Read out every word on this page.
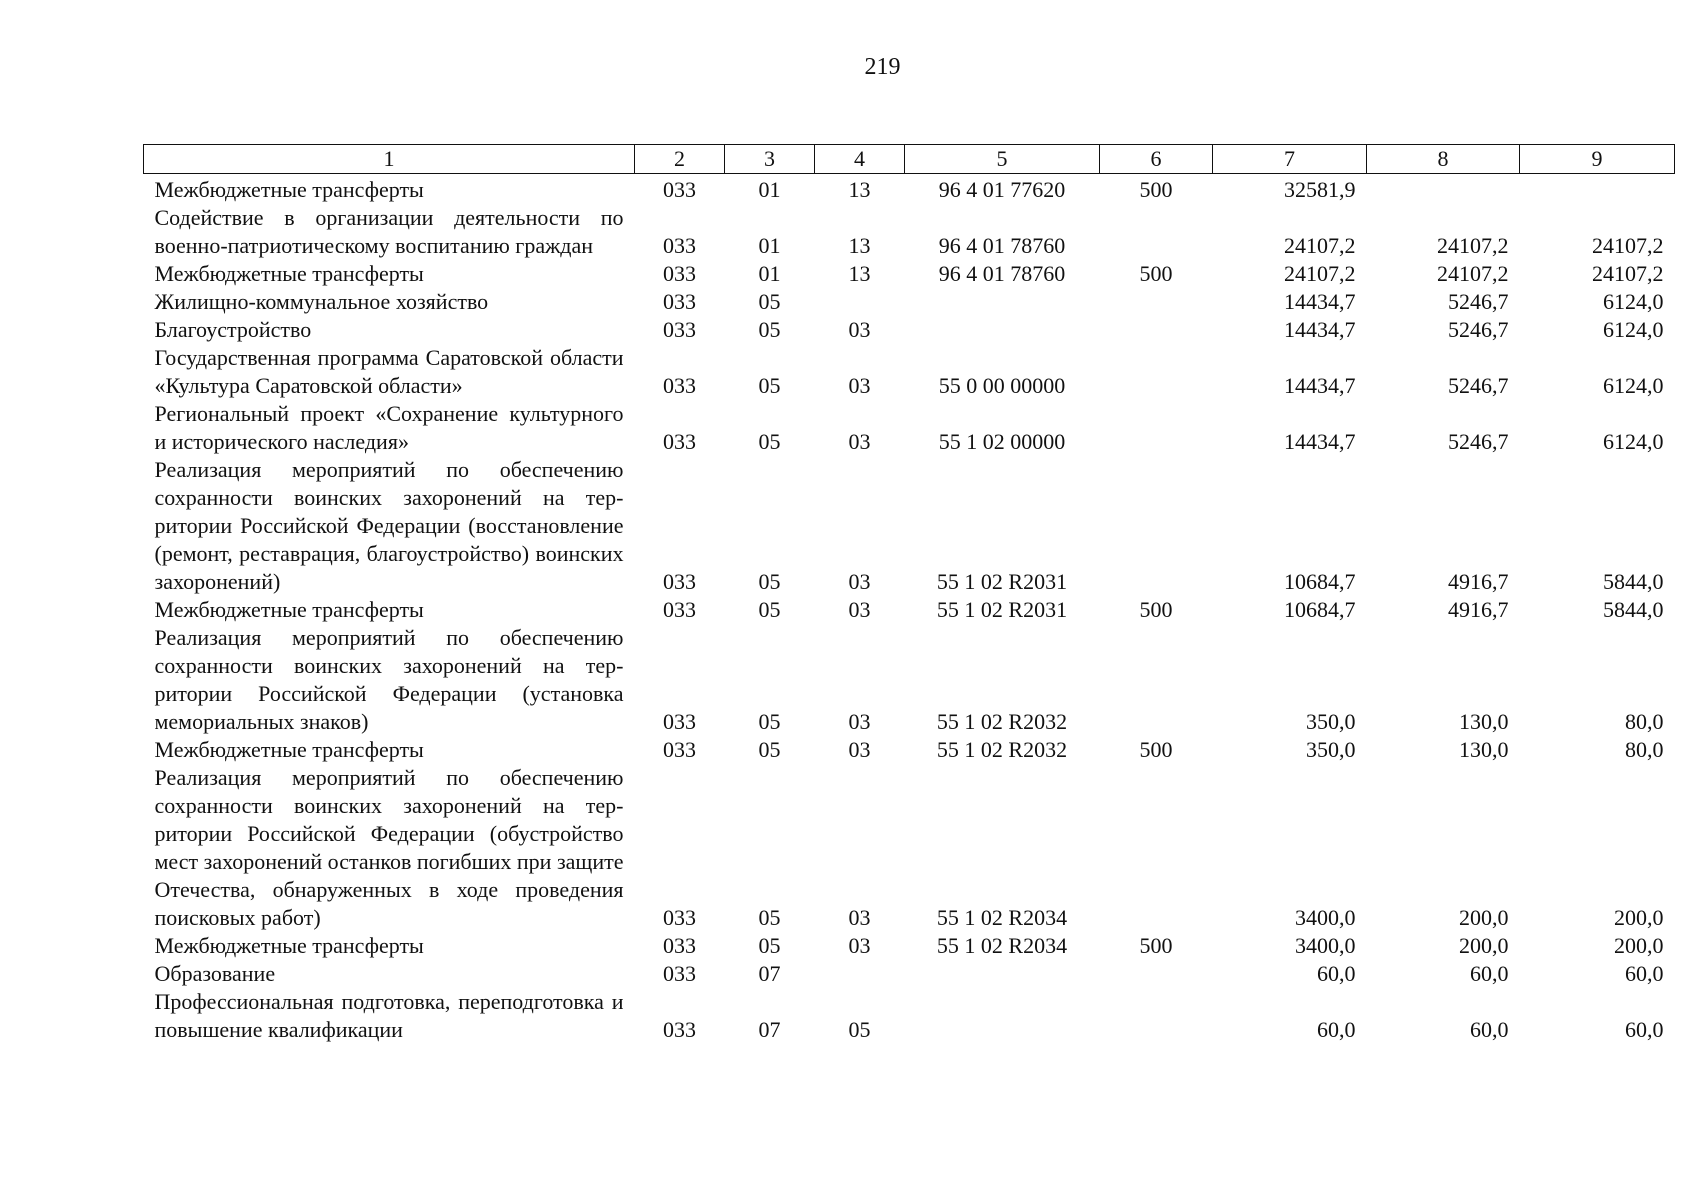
219
1	2	3	4	5	6	7	8	9
Межбюджетные трансферты	033	01	13	96 4 01 77620	500	32581,9		
Содействие в организации деятельности по военно-патриотическому воспитанию граждан	033	01	13	96 4 01 78760		24107,2	24107,2	24107,2
Межбюджетные трансферты	033	01	13	96 4 01 78760	500	24107,2	24107,2	24107,2
Жилищно-коммунальное хозяйство	033	05				14434,7	5246,7	6124,0
Благоустройство	033	05	03			14434,7	5246,7	6124,0
Государственная программа Саратовской области «Культура Саратовской области»	033	05	03	55 0 00 00000		14434,7	5246,7	6124,0
Региональный проект «Сохранение культурного и исторического наследия»	033	05	03	55 1 02 00000		14434,7	5246,7	6124,0
Реализация мероприятий по обеспечению сохранности воинских захоронений на территории Российской Федерации (восстановление (ремонт, реставрация, благоустройство) воинских захоронений)	033	05	03	55 1 02 R2031		10684,7	4916,7	5844,0
Межбюджетные трансферты	033	05	03	55 1 02 R2031	500	10684,7	4916,7	5844,0
Реализация мероприятий по обеспечению сохранности воинских захоронений на территории Российской Федерации (установка мемориальных знаков)	033	05	03	55 1 02 R2032		350,0	130,0	80,0
Межбюджетные трансферты	033	05	03	55 1 02 R2032	500	350,0	130,0	80,0
Реализация мероприятий по обеспечению сохранности воинских захоронений на территории Российской Федерации (обустройство мест захоронений останков погибших при защите Отечества, обнаруженных в ходе проведения поисковых работ)	033	05	03	55 1 02 R2034		3400,0	200,0	200,0
Межбюджетные трансферты	033	05	03	55 1 02 R2034	500	3400,0	200,0	200,0
Образование	033	07				60,0	60,0	60,0
Профессиональная подготовка, переподготовка и повышение квалификации	033	07	05			60,0	60,0	60,0
